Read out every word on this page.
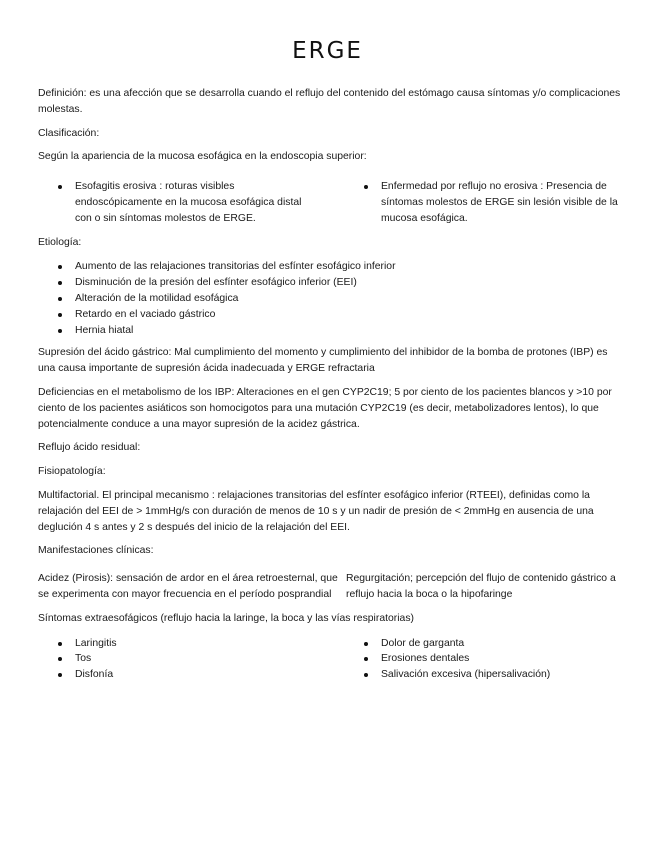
ERGE

Definición: es una afección que se desarrolla cuando el reflujo del contenido del estómago causa síntomas y/o complicaciones molestas.

Clasificación:

Según la apariencia de la mucosa esofágica en la endoscopia superior:

Esofagitis erosiva : roturas visibles endoscópicamente en la mucosa esofágica distal con o sin síntomas molestos de ERGE.
Enfermedad por reflujo no erosiva : Presencia de síntomas molestos de ERGE sin lesión visible de la mucosa esofágica.

Etiología:

Aumento de las relajaciones transitorias del esfínter esofágico inferior
Disminución de la presión del esfínter esofágico inferior (EEI)
Alteración de la motilidad esofágica
Retardo en el vaciado gástrico
Hernia hiatal

Supresión del ácido gástrico: Mal cumplimiento del momento y cumplimiento del inhibidor de la bomba de protones (IBP) es una causa importante de supresión ácida inadecuada y ERGE refractaria

Deficiencias en el metabolismo de los IBP: Alteraciones en el gen CYP2C19; 5 por ciento de los pacientes blancos y >10 por ciento de los pacientes asiáticos son homocigotos para una mutación CYP2C19 (es decir, metabolizadores lentos), lo que potencialmente conduce a una mayor supresión de la acidez gástrica.

Reflujo ácido residual:

Fisiopatología:

Multifactorial. El principal mecanismo : relajaciones transitorias del esfínter esofágico inferior (RTEEI), definidas como la relajación del EEI de > 1mmHg/s con duración de menos de 10 s y un nadir de presión de < 2mmHg en ausencia de una deglución 4 s antes y 2 s después del inicio de la relajación del EEI.

Manifestaciones clínicas:

Acidez (Pirosis): sensación de ardor en el área retroesternal, que se experimenta con mayor frecuencia en el período posprandial
Regurgitación; percepción del flujo de contenido gástrico a reflujo hacia la boca o la hipofaringe

Síntomas extraesofágicos (reflujo hacia la laringe, la boca y las vías respiratorias)

Laringitis
Tos
Disfonía
Dolor de garganta
Erosiones dentales
Salivación excesiva (hipersalivación)
